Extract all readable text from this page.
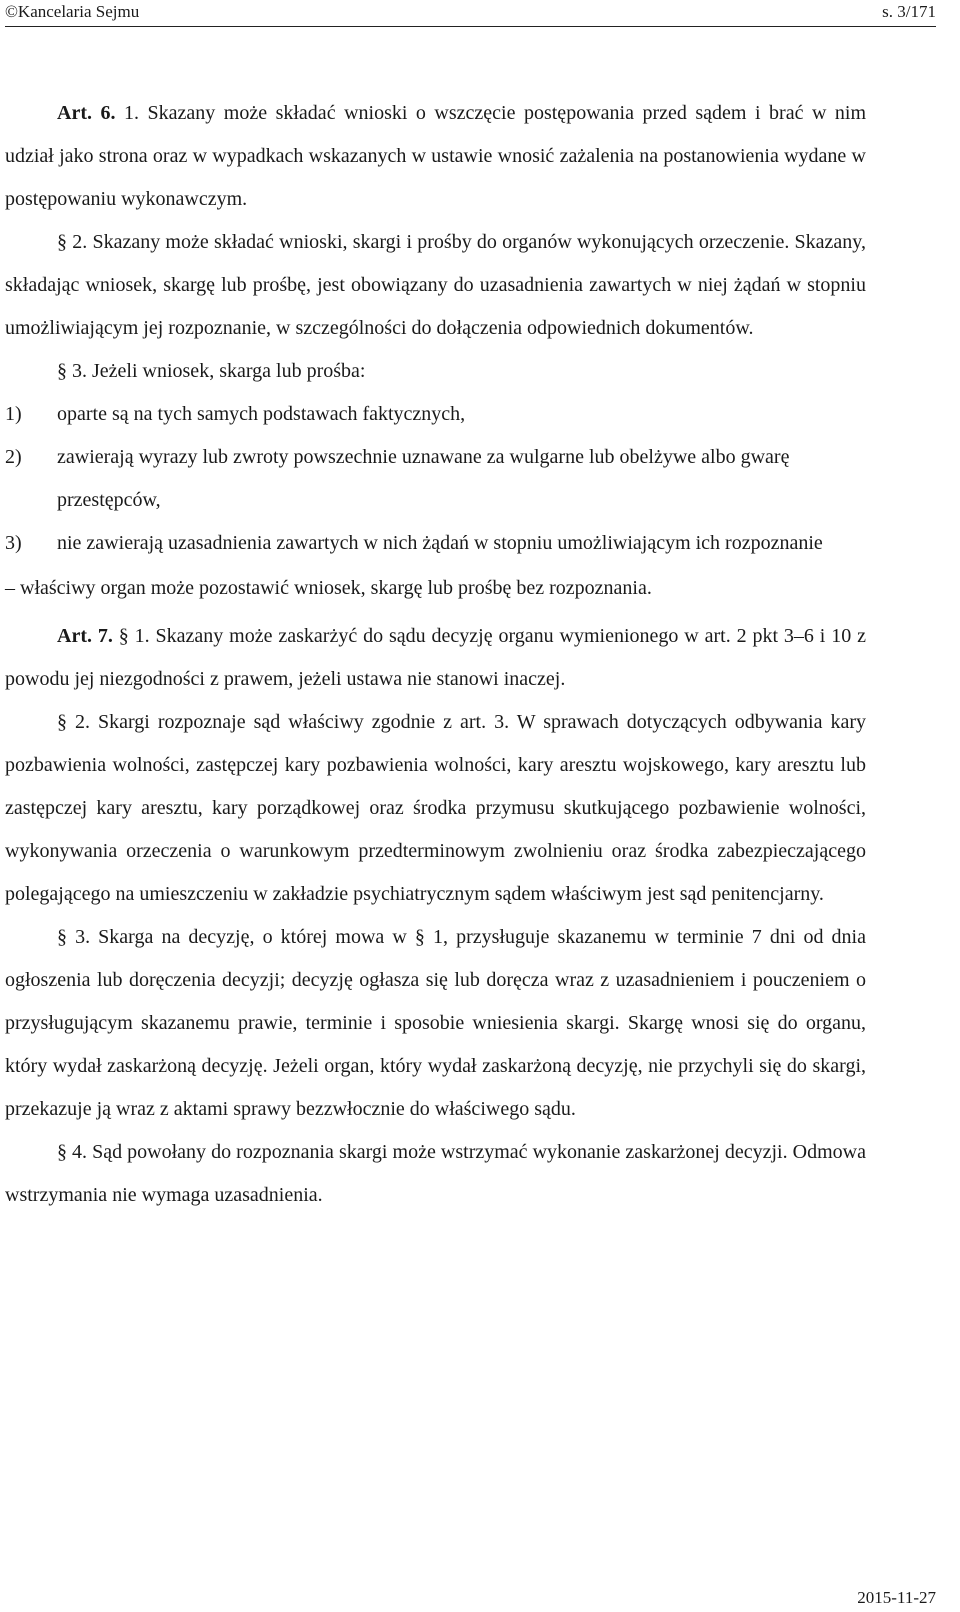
©Kancelaria Sejmu	s. 3/171

Art. 6. 1. Skazany może składać wnioski o wszczęcie postępowania przed sądem i brać w nim udział jako strona oraz w wypadkach wskazanych w ustawie wnosić zażalenia na postanowienia wydane w postępowaniu wykonawczym.

§ 2. Skazany może składać wnioski, skargi i prośby do organów wykonujących orzeczenie. Skazany, składając wniosek, skargę lub prośbę, jest obowiązany do uzasadnienia zawartych w niej żądań w stopniu umożliwiającym jej rozpoznanie, w szczególności do dołączenia odpowiednich dokumentów.

§ 3. Jeżeli wniosek, skarga lub prośba:

1) oparte są na tych samych podstawach faktycznych,

2) zawierają wyrazy lub zwroty powszechnie uznawane za wulgarne lub obelżywe albo gwarę przestępców,

3) nie zawierają uzasadnienia zawartych w nich żądań w stopniu umożliwiającym ich rozpoznanie

– właściwy organ może pozostawić wniosek, skargę lub prośbę bez rozpoznania.

Art. 7. § 1. Skazany może zaskarżyć do sądu decyzję organu wymienionego w art. 2 pkt 3–6 i 10 z powodu jej niezgodności z prawem, jeżeli ustawa nie stanowi inaczej.

§ 2. Skargi rozpoznaje sąd właściwy zgodnie z art. 3. W sprawach dotyczących odbywania kary pozbawienia wolności, zastępczej kary pozbawienia wolności, kary aresztu wojskowego, kary aresztu lub zastępczej kary aresztu, kary porządkowej oraz środka przymusu skutkującego pozbawienie wolności, wykonywania orzeczenia o warunkowym przedterminowym zwolnieniu oraz środka zabezpieczającego polegającego na umieszczeniu w zakładzie psychiatrycznym sądem właściwym jest sąd penitencjarny.

§ 3. Skarga na decyzję, o której mowa w § 1, przysługuje skazanemu w terminie 7 dni od dnia ogłoszenia lub doręczenia decyzji; decyzję ogłasza się lub doręcza wraz z uzasadnieniem i pouczeniem o przysługującym skazanemu prawie, terminie i sposobie wniesienia skargi. Skargę wnosi się do organu, który wydał zaskarżoną decyzję. Jeżeli organ, który wydał zaskarżoną decyzję, nie przychyli się do skargi, przekazuje ją wraz z aktami sprawy bezzwłocznie do właściwego sądu.

§ 4. Sąd powołany do rozpoznania skargi może wstrzymać wykonanie zaskarżonej decyzji. Odmowa wstrzymania nie wymaga uzasadnienia.

2015-11-27
